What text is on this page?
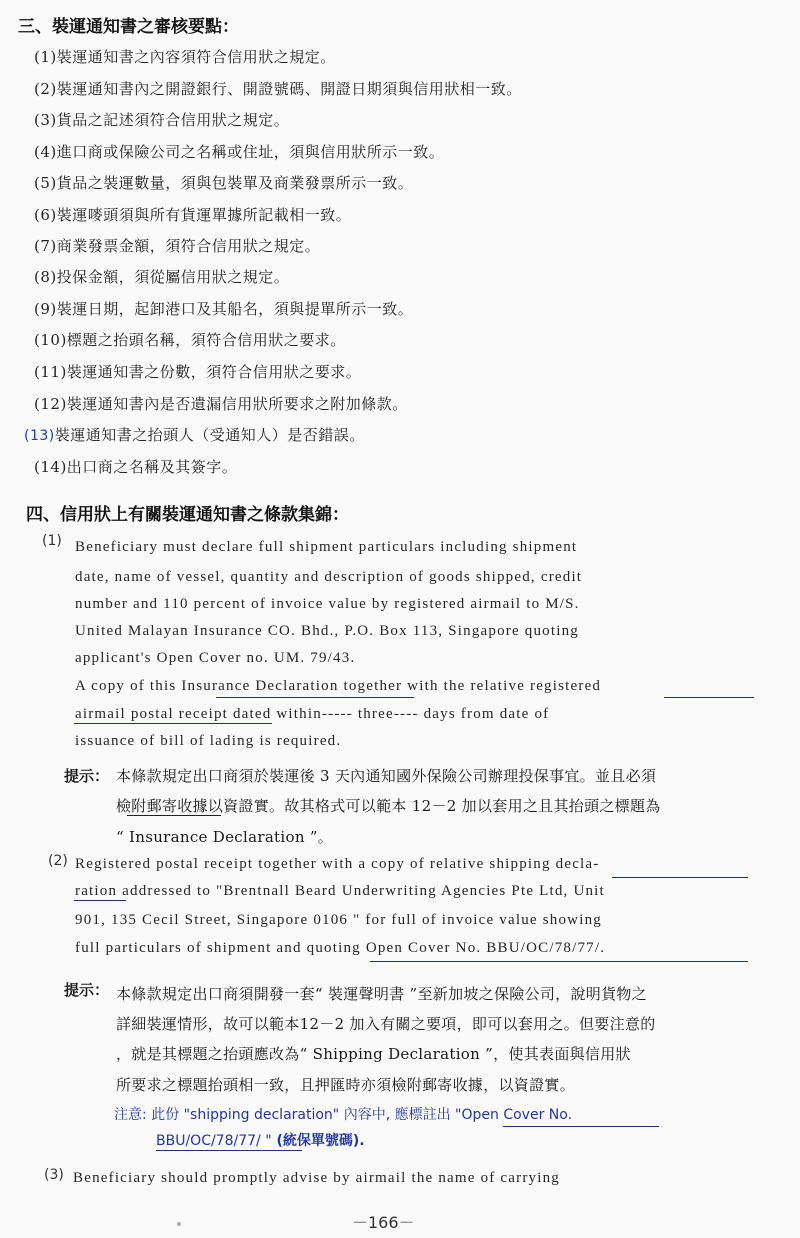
三、裝運通知書之審核要點：
(1)裝運通知書之內容須符合信用狀之規定。
(2)裝運通知書內之開證銀行、開證號碼、開證日期須與信用狀相一致。
(3)貨品之記述須符合信用狀之規定。
(4)進口商或保險公司之名稱或住址，須與信用狀所示一致。
(5)貨品之裝運數量，須與包裝單及商業發票所示一致。
(6)裝運嘜頭須與所有貨運單據所記載相一致。
(7)商業發票金額，須符合信用狀之規定。
(8)投保金額，須從屬信用狀之規定。
(9)裝運日期，起卸港口及其船名，須與提單所示一致。
(10)標題之抬頭名稱，須符合信用狀之要求。
(11)裝運通知書之份數，須符合信用狀之要求。
(12)裝運通知書內是否遺漏信用狀所要求之附加條款。
(13)裝運通知書之抬頭人（受通知人）是否錯誤。
(14)出口商之名稱及其簽字。
四、信用狀上有關裝運通知書之條款集錦：
(1) Beneficiary must declare full shipment particulars including shipment
date, name of vessel, quantity and description of goods shipped, credit
number and 110 percent of invoice value by registered airmail to M/S.
United Malayan Insurance CO. Bhd., P.O. Box 113, Singapore quoting
applicant's Open Cover no. UM. 79/43.
A copy of this Insurance Declaration together with the relative registered
airmail postal receipt dated within----- three---- days from date of
issuance of bill of lading is required.
提示： 本條款規定出口商須於裝運後 3 天內通知國外保險公司辦理投保事宜。並且必須
檢附郵寄收據以資證實。故其格式可以範本 12－2 加以套用之且其抬頭之標題為
“ Insurance Declaration ”。
(2) Registered postal receipt together with a copy of relative shipping decla-
ration addressed to "Brentnall Beard Underwriting Agencies Pte Ltd, Unit
901, 135 Cecil Street, Singapore 0106 " for full of invoice value showing
full particulars of shipment and quoting Open Cover No. BBU/OC/78/77/.
提示： 本條款規定出口商須開發一套“ 裝運聲明書 ”至新加坡之保險公司，說明貨物之
詳細裝運情形，故可以範本12－2 加入有關之要項，即可以套用之。但要注意的
，就是其標題之抬頭應改為“ Shipping Declaration ”，使其表面與信用狀
所要求之標題抬頭相一致，且押匯時亦須檢附郵寄收據，以資證實。
注意: 此份 "shipping declaration" 內容中, 應標註出 "Open Cover No.
BBU/OC/78/77/ " (統保單號碼).
(3) Beneficiary should promptly advise by airmail the name of carrying
－166－
